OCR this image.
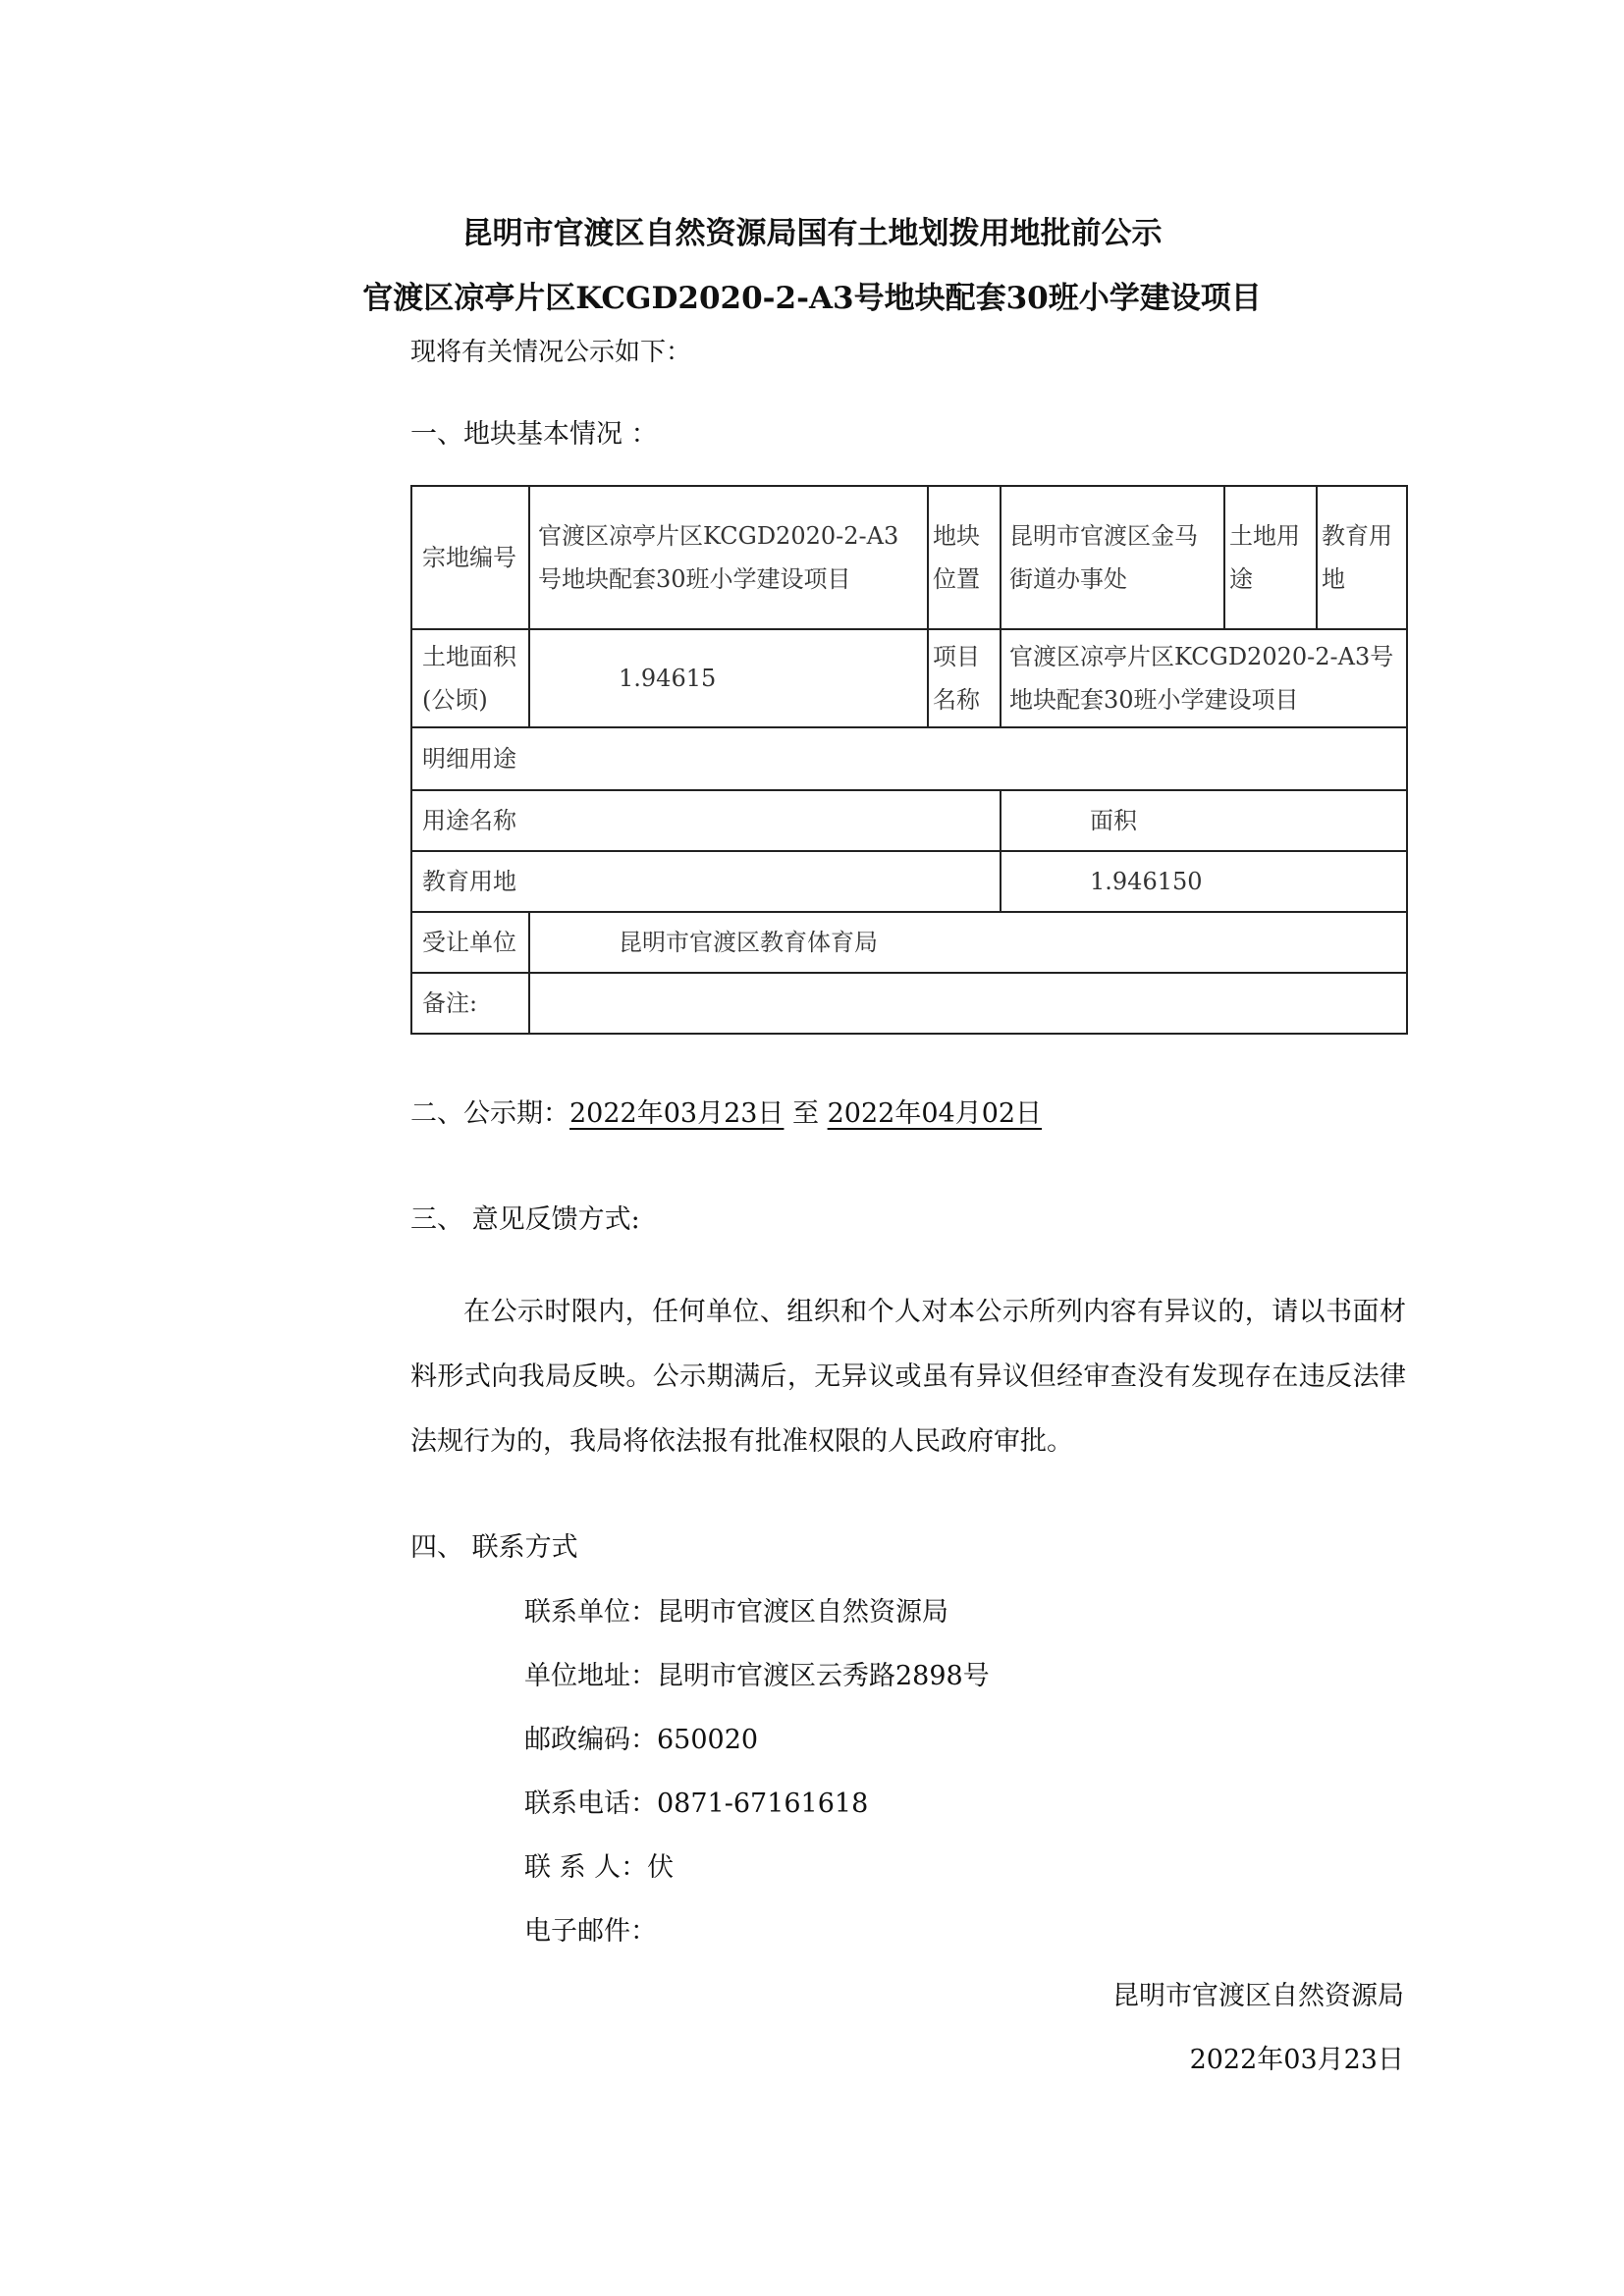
昆明市官渡区自然资源局国有土地划拨用地批前公示
官渡区凉亭片区KCGD2020-2-A3号地块配套30班小学建设项目
现将有关情况公示如下：
一、地块基本情况 ：
宗地编号	官渡区凉亭片区KCGD2020-2-A3号地块配套30班小学建设项目	地块位置	昆明市官渡区金马街道办事处	土地用途	教育用地
土地面积(公顷)	1.94615	项目名称	官渡区凉亭片区KCGD2020-2-A3号地块配套30班小学建设项目		
明细用途					
用途名称			面积		
教育用地			1.946150		
受让单位	昆明市官渡区教育体育局				
备注:					
二、公示期：2022年03月23日 至 2022年04月02日
三、 意见反馈方式:

在公示时限内，任何单位、组织和个人对本公示所列内容有异议的，请以书面材料形式向我局反映。公示期满后，无异议或虽有异议但经审查没有发现存在违反法律法规行为的，我局将依法报有批准权限的人民政府审批。

四、 联系方式
联系单位：昆明市官渡区自然资源局
单位地址：昆明市官渡区云秀路2898号
邮政编码：650020
联系电话：0871-67161618
联 系 人：伏
电子邮件：
昆明市官渡区自然资源局
2022年03月23日
